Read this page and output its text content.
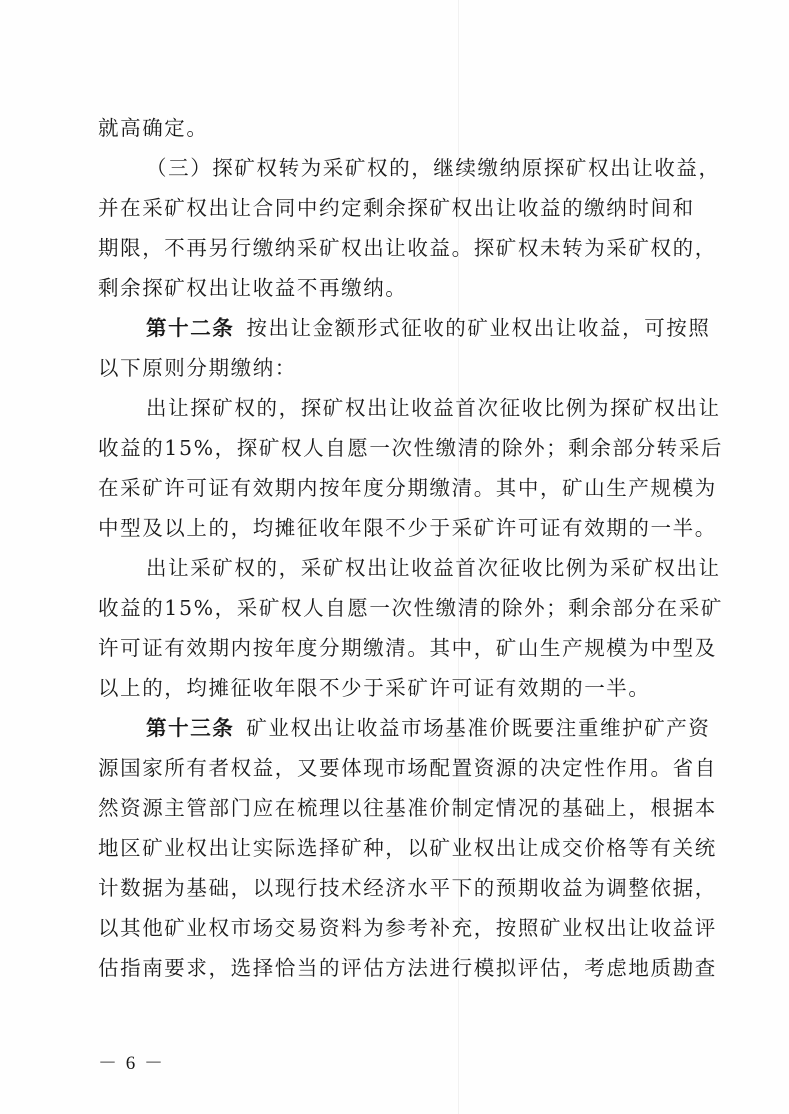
就高确定。
（三）探矿权转为采矿权的，继续缴纳原探矿权出让收益，
并在采矿权出让合同中约定剩余探矿权出让收益的缴纳时间和
期限，不再另行缴纳采矿权出让收益。探矿权未转为采矿权的，
剩余探矿权出让收益不再缴纳。
第十二条 按出让金额形式征收的矿业权出让收益，可按照
以下原则分期缴纳：
出让探矿权的，探矿权出让收益首次征收比例为探矿权出让
收益的15%，探矿权人自愿一次性缴清的除外；剩余部分转采后
在采矿许可证有效期内按年度分期缴清。其中，矿山生产规模为
中型及以上的，均摊征收年限不少于采矿许可证有效期的一半。
出让采矿权的，采矿权出让收益首次征收比例为采矿权出让
收益的15%，采矿权人自愿一次性缴清的除外；剩余部分在采矿
许可证有效期内按年度分期缴清。其中，矿山生产规模为中型及
以上的，均摊征收年限不少于采矿许可证有效期的一半。
第十三条 矿业权出让收益市场基准价既要注重维护矿产资
源国家所有者权益，又要体现市场配置资源的决定性作用。省自
然资源主管部门应在梳理以往基准价制定情况的基础上，根据本
地区矿业权出让实际选择矿种，以矿业权出让成交价格等有关统
计数据为基础，以现行技术经济水平下的预期收益为调整依据，
以其他矿业权市场交易资料为参考补充，按照矿业权出让收益评
估指南要求，选择恰当的评估方法进行模拟评估，考虑地质勘查
－ 6 －
